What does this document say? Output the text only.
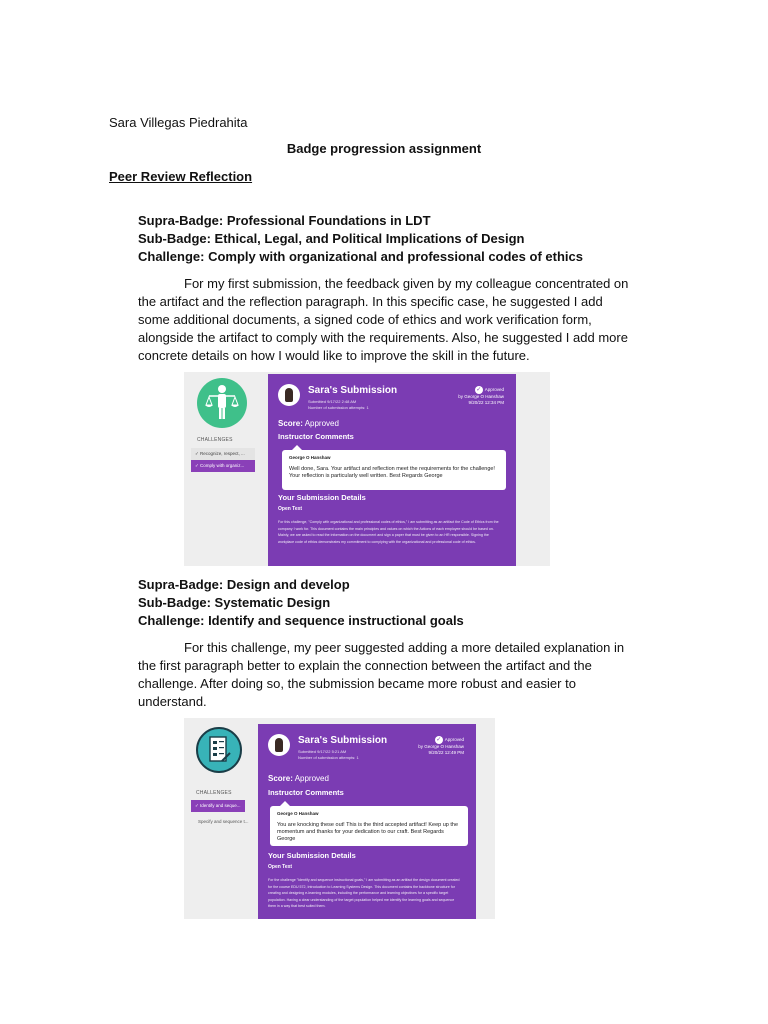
Sara Villegas Piedrahita
Badge progression assignment
Peer Review Reflection
Supra-Badge: Professional Foundations in LDT
Sub-Badge: Ethical, Legal, and Political Implications of Design
Challenge: Comply with organizational and professional codes of ethics

For my first submission, the feedback given by my colleague concentrated on the artifact and the reflection paragraph. In this specific case, he suggested I add some additional documents, a signed code of ethics and work verification form, alongside the artifact to comply with the requirements. Also, he suggested I add more concrete details on how I would like to improve the skill in the future.

CHALLENGES
✓ Recognize, respect, ...
✓ Comply with organiz...
Sara's Submission
Submitted 9/17/22 2:48 AM
Number of submission attempts: 1
✓ Approved
by George O Hanshaw
9/20/22 12:34 PM
Score: Approved
Instructor Comments
George O Hanshaw
Well done, Sara. Your artifact and reflection meet the requirements for the challenge! Your reflection is particularly well written. Best Regards George
Your Submission Details
Open Text
For this challenge, "Comply with organizational and professional codes of ethics," I am submitting as an artifact the Code of Ethics from the company I work for. This document contains the main principles and values on which the Actions of each employee should be based on. Mainly, we are asked to read the information on the document and sign a paper that must be given to an HR responsible. Signing the workplace code of ethics demonstrates my commitment to complying with the organizational and professional code of ethics.
Supra-Badge: Design and develop
Sub-Badge: Systematic Design
Challenge: Identify and sequence instructional goals

For this challenge, my peer suggested adding a more detailed explanation in the first paragraph better to explain the connection between the artifact and the challenge. After doing so, the submission became more robust and easier to understand.

CHALLENGES
✓ Identify and seque...
Specify and sequence t...
Sara's Submission
Submitted 9/17/22 5:21 AM
Number of submission attempts: 1
✓ Approved
by George O Hanshaw
9/20/22 12:49 PM
Score: Approved
Instructor Comments
George O Hanshaw
You are knocking these out! This is the third accepted artifact! Keep up the momentum and thanks for your dedication to our craft. Best Regards George
Your Submission Details
Open Text
For the challenge "Identify and sequence instructional goals," I am submitting as an artifact the design document created for the course EDU 572, Introduction to Learning Systems Design. This document contains the backbone structure for creating and designing e-learning modules, including the performance and learning objectives for a specific target population. Having a clear understanding of the target population helped me identify the learning goals and sequence them in a way that best suited them.
